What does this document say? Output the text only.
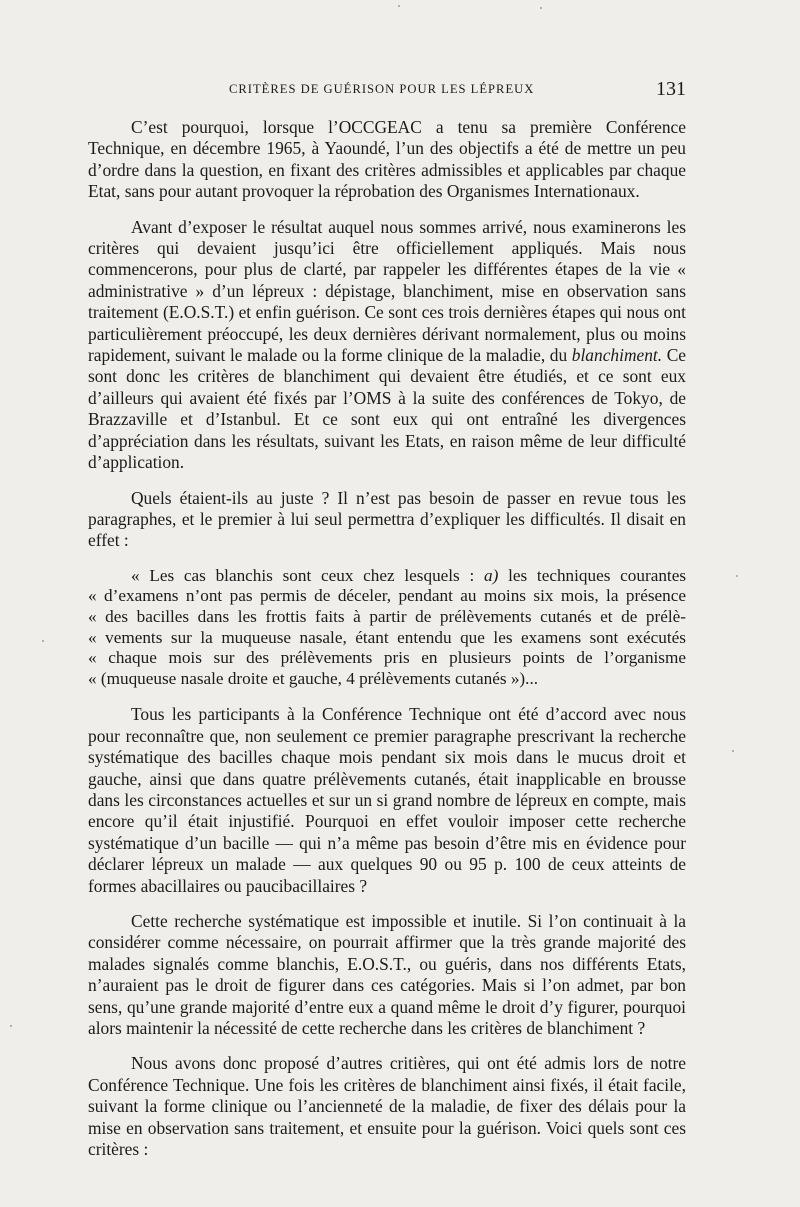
CRITÈRES DE GUÉRISON POUR LES LÉPREUX	131

C’est pourquoi, lorsque l’OCCGEAC a tenu sa première Conférence Technique, en décembre 1965, à Yaoundé, l’un des objectifs a été de mettre un peu d’ordre dans la question, en fixant des critères admissibles et applicables par chaque Etat, sans pour autant provoquer la réprobation des Organismes Internationaux.

Avant d’exposer le résultat auquel nous sommes arrivé, nous examinerons les critères qui devaient jusqu’ici être officiellement appliqués. Mais nous commencerons, pour plus de clarté, par rappeler les différentes étapes de la vie « administrative » d’un lépreux : dépistage, blanchiment, mise en observation sans traitement (E.O.S.T.) et enfin guérison. Ce sont ces trois dernières étapes qui nous ont particulièrement préoccupé, les deux dernières dérivant normalement, plus ou moins rapidement, suivant le malade ou la forme clinique de la maladie, du blanchiment. Ce sont donc les critères de blanchiment qui devaient être étudiés, et ce sont eux d’ailleurs qui avaient été fixés par l’OMS à la suite des conférences de Tokyo, de Brazzaville et d’Istanbul. Et ce sont eux qui ont entraîné les divergences d’appréciation dans les résultats, suivant les Etats, en raison même de leur difficulté d’application.

Quels étaient-ils au juste ? Il n’est pas besoin de passer en revue tous les paragraphes, et le premier à lui seul permettra d’expliquer les difficultés. Il disait en effet :

« Les cas blanchis sont ceux chez lesquels : a) les techniques courantes
« d’examens n’ont pas permis de déceler, pendant au moins six mois, la présence
« des bacilles dans les frottis faits à partir de prélèvements cutanés et de prélè-
« vements sur la muqueuse nasale, étant entendu que les examens sont exécutés
« chaque mois sur des prélèvements pris en plusieurs points de l’organisme
« (muqueuse nasale droite et gauche, 4 prélèvements cutanés »)...

Tous les participants à la Conférence Technique ont été d’accord avec nous pour reconnaître que, non seulement ce premier paragraphe prescrivant la recherche systématique des bacilles chaque mois pendant six mois dans le mucus droit et gauche, ainsi que dans quatre prélèvements cutanés, était inapplicable en brousse dans les circonstances actuelles et sur un si grand nombre de lépreux en compte, mais encore qu’il était injustifié. Pourquoi en effet vouloir imposer cette recherche systématique d’un bacille — qui n’a même pas besoin d’être mis en évidence pour déclarer lépreux un malade — aux quelques 90 ou 95 p. 100 de ceux atteints de formes abacillaires ou paucibacillaires ?

Cette recherche systématique est impossible et inutile. Si l’on continuait à la considérer comme nécessaire, on pourrait affirmer que la très grande majorité des malades signalés comme blanchis, E.O.S.T., ou guéris, dans nos différents Etats, n’auraient pas le droit de figurer dans ces catégories. Mais si l’on admet, par bon sens, qu’une grande majorité d’entre eux a quand même le droit d’y figurer, pourquoi alors maintenir la nécessité de cette recherche dans les critères de blanchiment ?

Nous avons donc proposé d’autres critières, qui ont été admis lors de notre Conférence Technique. Une fois les critères de blanchiment ainsi fixés, il était facile, suivant la forme clinique ou l’ancienneté de la maladie, de fixer des délais pour la mise en observation sans traitement, et ensuite pour la guérison. Voici quels sont ces critères :
